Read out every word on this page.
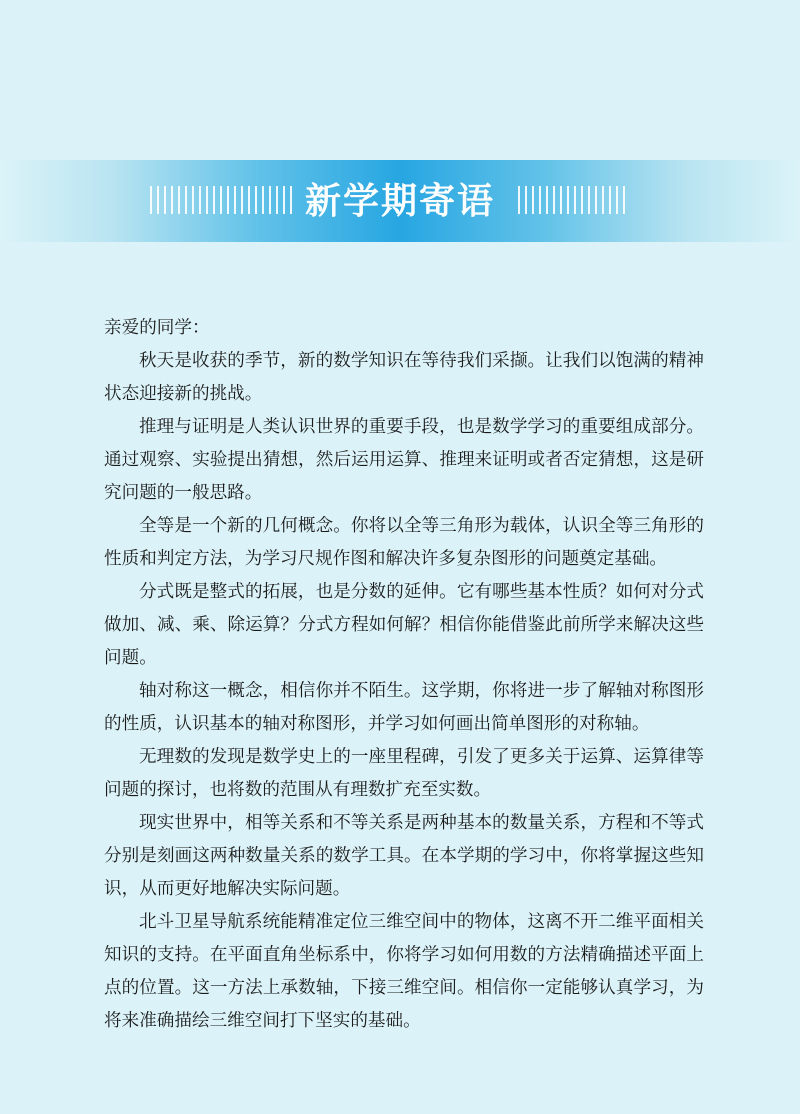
新学期寄语

亲爱的同学：

秋天是收获的季节，新的数学知识在等待我们采撷。让我们以饱满的精神状态迎接新的挑战。

推理与证明是人类认识世界的重要手段，也是数学学习的重要组成部分。通过观察、实验提出猜想，然后运用运算、推理来证明或者否定猜想，这是研究问题的一般思路。

全等是一个新的几何概念。你将以全等三角形为载体，认识全等三角形的性质和判定方法，为学习尺规作图和解决许多复杂图形的问题奠定基础。

分式既是整式的拓展，也是分数的延伸。它有哪些基本性质？如何对分式做加、减、乘、除运算？分式方程如何解？相信你能借鉴此前所学来解决这些问题。

轴对称这一概念，相信你并不陌生。这学期，你将进一步了解轴对称图形的性质，认识基本的轴对称图形，并学习如何画出简单图形的对称轴。

无理数的发现是数学史上的一座里程碑，引发了更多关于运算、运算律等问题的探讨，也将数的范围从有理数扩充至实数。

现实世界中，相等关系和不等关系是两种基本的数量关系，方程和不等式分别是刻画这两种数量关系的数学工具。在本学期的学习中，你将掌握这些知识，从而更好地解决实际问题。

北斗卫星导航系统能精准定位三维空间中的物体，这离不开二维平面相关知识的支持。在平面直角坐标系中，你将学习如何用数的方法精确描述平面上点的位置。这一方法上承数轴，下接三维空间。相信你一定能够认真学习，为将来准确描绘三维空间打下坚实的基础。
